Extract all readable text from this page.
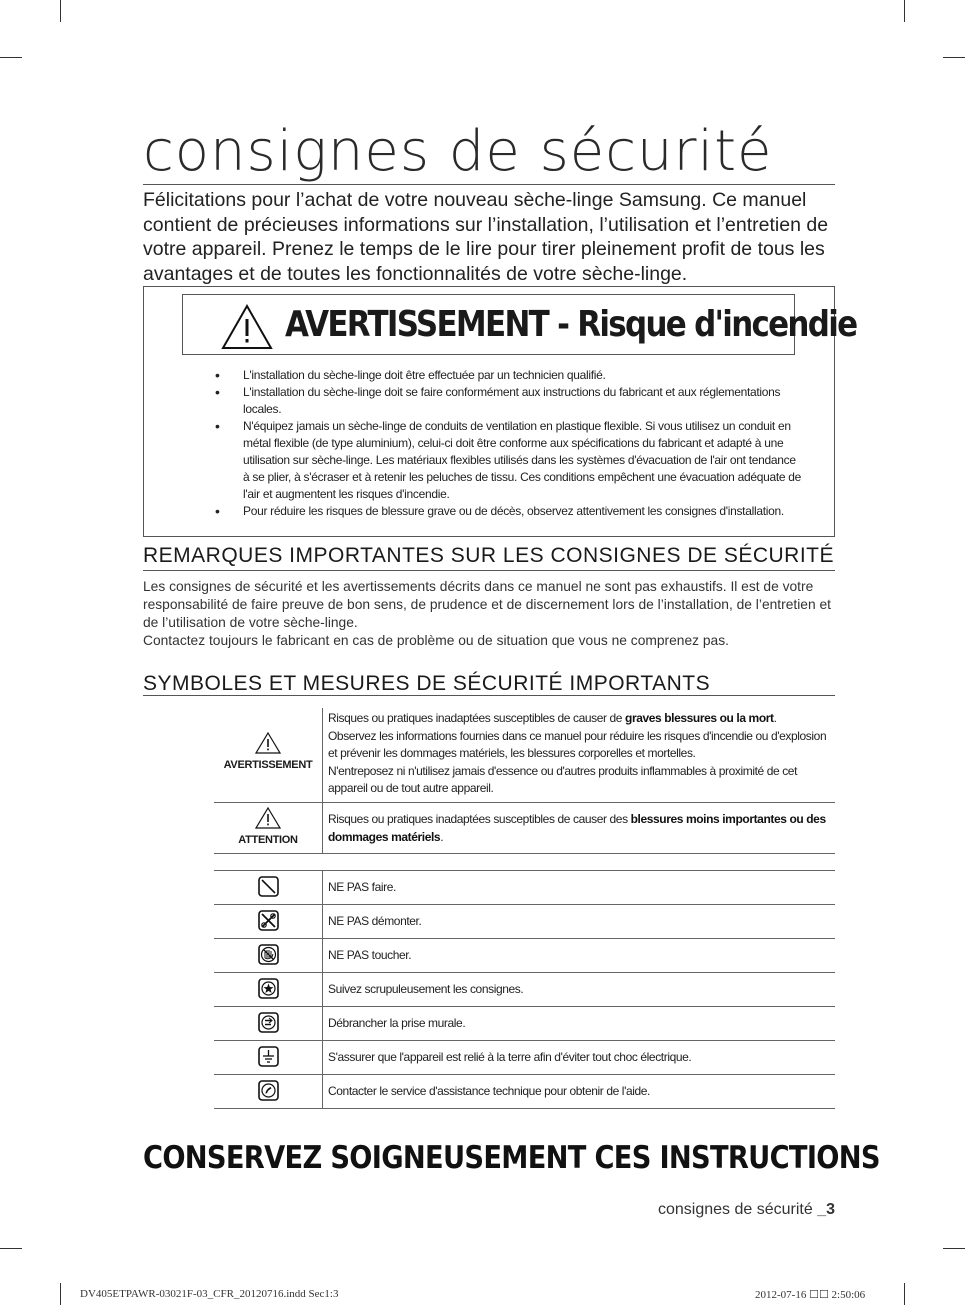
consignes de sécurité
Félicitations pour l’achat de votre nouveau sèche-linge Samsung. Ce manuel contient de précieuses informations sur l’installation, l’utilisation et l’entretien de votre appareil. Prenez le temps de le lire pour tirer pleinement profit de tous les avantages et de toutes les fonctionnalités de votre sèche-linge.
AVERTISSEMENT - Risque d'incendie
• L'installation du sèche-linge doit être effectuée par un technicien qualifié.
• L'installation du sèche-linge doit se faire conformément aux instructions du fabricant et aux réglementations locales.
• N'équipez jamais un sèche-linge de conduits de ventilation en plastique flexible. Si vous utilisez un conduit en métal flexible (de type aluminium), celui-ci doit être conforme aux spécifications du fabricant et adapté à une utilisation sur sèche-linge. Les matériaux flexibles utilisés dans les systèmes d'évacuation de l'air ont tendance à se plier, à s'écraser et à retenir les peluches de tissu. Ces conditions empêchent une évacuation adéquate de l'air et augmentent les risques d'incendie.
• Pour réduire les risques de blessure grave ou de décès, observez attentivement les consignes d'installation.
REMARQUES IMPORTANTES SUR LES CONSIGNES DE SÉCURITÉ

Les consignes de sécurité et les avertissements décrits dans ce manuel ne sont pas exhaustifs. Il est de votre responsabilité de faire preuve de bon sens, de prudence et de discernement lors de l’installation, de l’entretien et de l’utilisation de votre sèche-linge.

Contactez toujours le fabricant en cas de problème ou de situation que vous ne comprenez pas.

SYMBOLES ET MESURES DE SÉCURITÉ IMPORTANTS
AVERTISSEMENT
Risques ou pratiques inadaptées susceptibles de causer de graves blessures ou la mort.
Observez les informations fournies dans ce manuel pour réduire les risques d'incendie ou d'explosion et prévenir les dommages matériels, les blessures corporelles et mortelles.
N'entreposez ni n'utilisez jamais d'essence ou d'autres produits inflammables à proximité de cet appareil ou de tout autre appareil.
ATTENTION
Risques ou pratiques inadaptées susceptibles de causer des blessures moins importantes ou des dommages matériels.
NE PAS faire.
NE PAS démonter.
NE PAS toucher.
Suivez scrupuleusement les consignes.
Débrancher la prise murale.
S'assurer que l'appareil est relié à la terre afin d'éviter tout choc électrique.
Contacter le service d'assistance technique pour obtenir de l'aide.
CONSERVEZ SOIGNEUSEMENT CES INSTRUCTIONS
consignes de sécurité _3
DV405ETPAWR-03021F-03_CFR_20120716.indd Sec1:3	2012-07-16 ☐☐ 2:50:06
